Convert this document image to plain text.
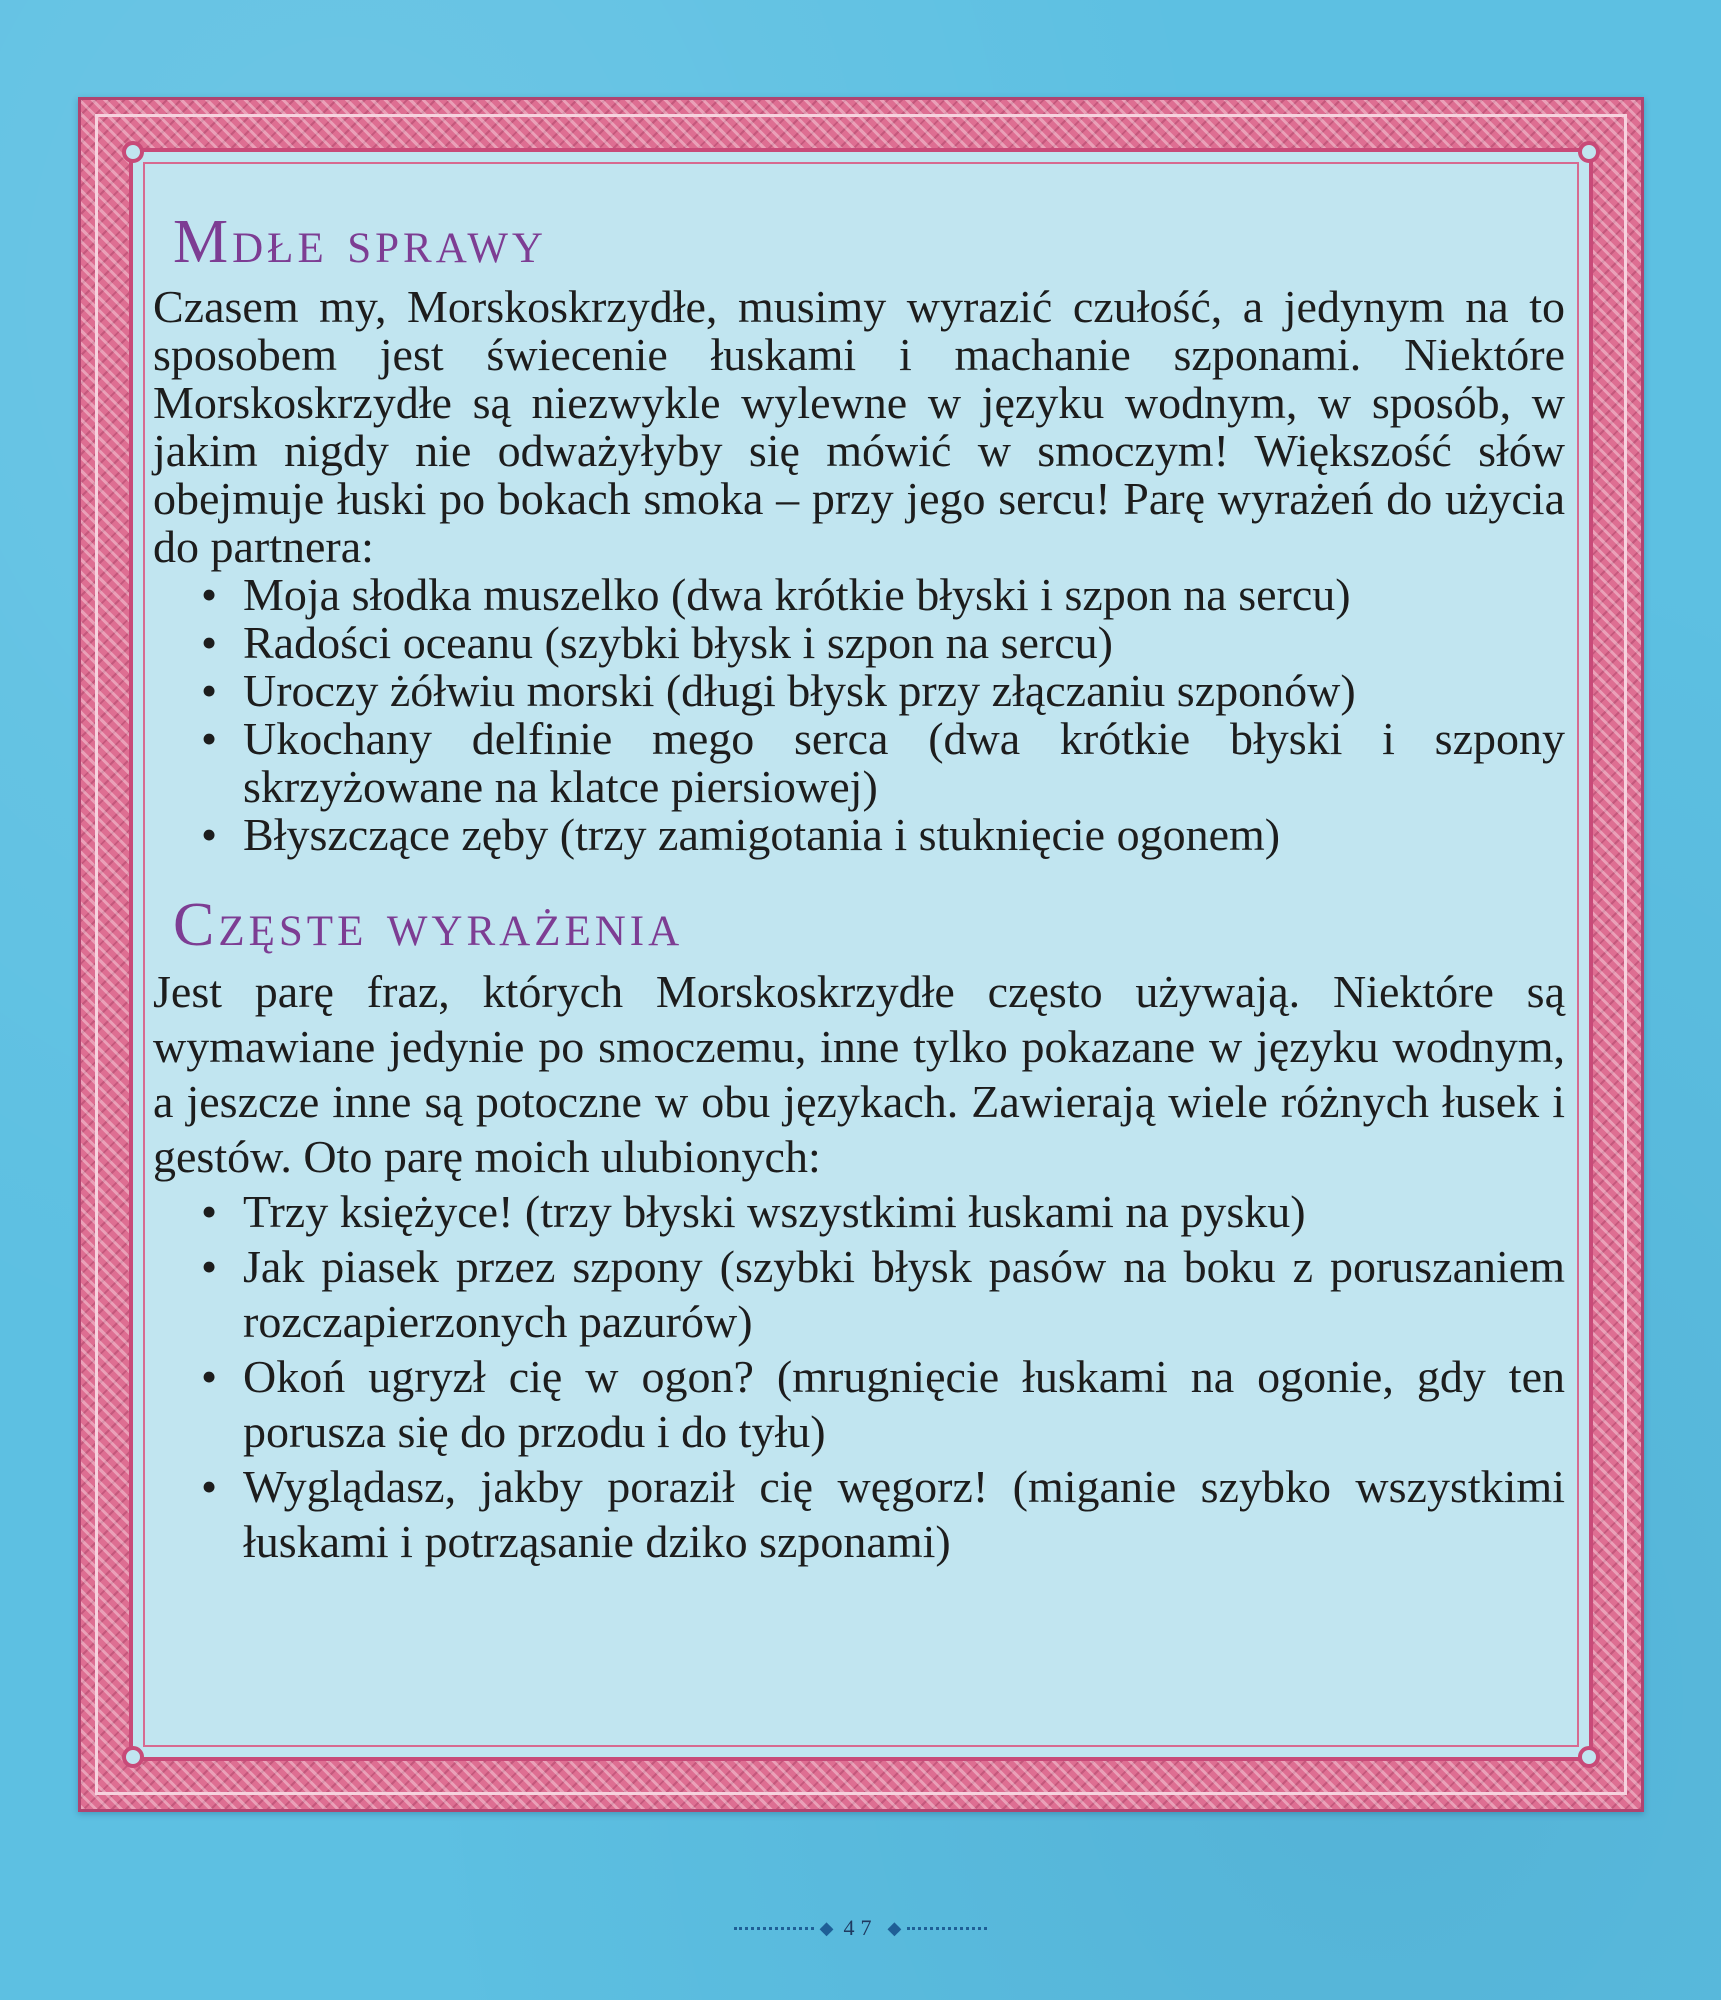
Mdłe sprawy

Czasem my, Morskoskrzydłe, musimy wyrazić czułość, a jedynym na to sposobem jest świecenie łuskami i machanie szponami. Niektóre Morskoskrzydłe są niezwykle wylewne w języku wodnym, w sposób, w jakim nigdy nie odważyłyby się mówić w smoczym! Większość słów obejmuje łuski po bokach smoka – przy jego sercu! Parę wyrażeń do użycia do partnera:

• Moja słodka muszelko (dwa krótkie błyski i szpon na sercu)
• Radości oceanu (szybki błysk i szpon na sercu)
• Uroczy żółwiu morski (długi błysk przy złączaniu szponów)
• Ukochany delfinie mego serca (dwa krótkie błyski i szpony skrzyżowane na klatce piersiowej)
• Błyszczące zęby (trzy zamigotania i stuknięcie ogonem)
Częste wyrażenia

Jest parę fraz, których Morskoskrzydłe często używają. Niektóre są wymawiane jedynie po smoczemu, inne tylko pokazane w języku wodnym, a jeszcze inne są potoczne w obu językach. Zawierają wiele różnych łusek i gestów. Oto parę moich ulubionych:

• Trzy księżyce! (trzy błyski wszystkimi łuskami na pysku)
• Jak piasek przez szpony (szybki błysk pasów na boku z poruszaniem rozczapierzonych pazurów)
• Okoń ugryzł cię w ogon? (mrugnięcie łuskami na ogonie, gdy ten porusza się do przodu i do tyłu)
• Wyglądasz, jakby poraził cię węgorz! (miganie szybko wszystkimi łuskami i potrząsanie dziko szponami)
◆ 47 ◆
